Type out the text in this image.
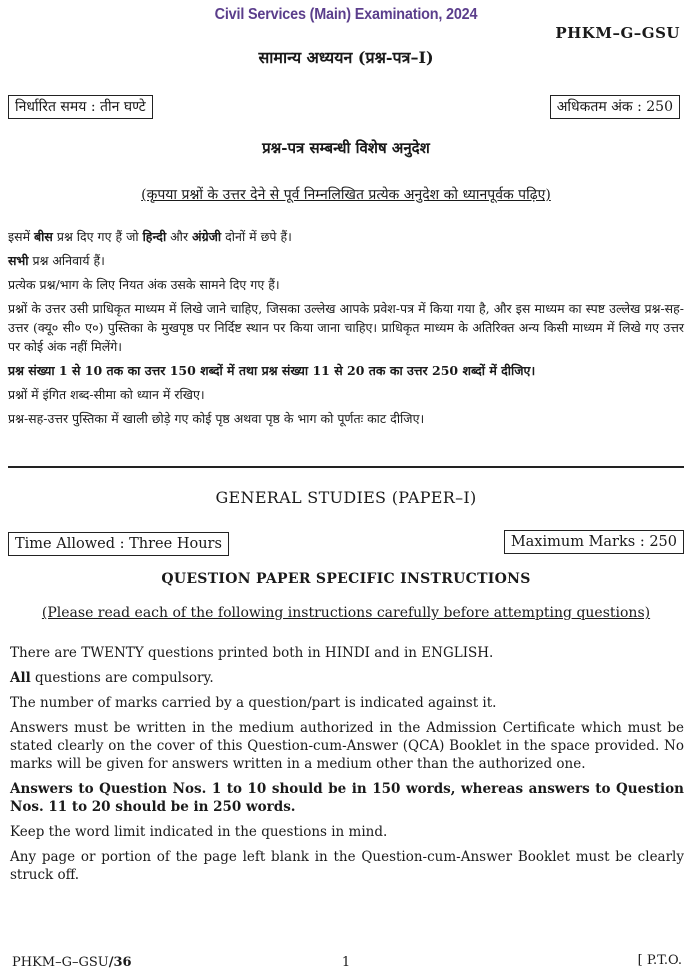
Civil Services (Main) Examination, 2024
PHKM–G–GSU
सामान्य अध्ययन (प्रश्न-पत्र–I)
निर्धारित समय : तीन घण्टे	अधिकतम अंक : 250
प्रश्न-पत्र सम्बन्धी विशेष अनुदेश
(कृपया प्रश्नों के उत्तर देने से पूर्व निम्नलिखित प्रत्येक अनुदेश को ध्यानपूर्वक पढ़िए)

इसमें बीस प्रश्न दिए गए हैं जो हिन्दी और अंग्रेजी दोनों में छपे हैं।

सभी प्रश्न अनिवार्य हैं।

प्रत्येक प्रश्न/भाग के लिए नियत अंक उसके सामने दिए गए हैं।

प्रश्नों के उत्तर उसी प्राधिकृत माध्यम में लिखे जाने चाहिए, जिसका उल्लेख आपके प्रवेश-पत्र में किया गया है, और इस माध्यम का स्पष्ट उल्लेख प्रश्न-सह-उत्तर (क्यू० सी० ए०) पुस्तिका के मुखपृष्ठ पर निर्दिष्ट स्थान पर किया जाना चाहिए। प्राधिकृत माध्यम के अतिरिक्त अन्य किसी माध्यम में लिखे गए उत्तर पर कोई अंक नहीं मिलेंगे।

प्रश्न संख्या 1 से 10 तक का उत्तर 150 शब्दों में तथा प्रश्न संख्या 11 से 20 तक का उत्तर 250 शब्दों में दीजिए।

प्रश्नों में इंगित शब्द-सीमा को ध्यान में रखिए।

प्रश्न-सह-उत्तर पुस्तिका में खाली छोड़े गए कोई पृष्ठ अथवा पृष्ठ के भाग को पूर्णतः काट दीजिए।

GENERAL STUDIES (PAPER–I)
Time Allowed : Three Hours	Maximum Marks : 250
QUESTION PAPER SPECIFIC INSTRUCTIONS
(Please read each of the following instructions carefully before attempting questions)

There are TWENTY questions printed both in HINDI and in ENGLISH.

All questions are compulsory.

The number of marks carried by a question/part is indicated against it.

Answers must be written in the medium authorized in the Admission Certificate which must be stated clearly on the cover of this Question-cum-Answer (QCA) Booklet in the space provided. No marks will be given for answers written in a medium other than the authorized one.

Answers to Question Nos. 1 to 10 should be in 150 words, whereas answers to Question Nos. 11 to 20 should be in 250 words.

Keep the word limit indicated in the questions in mind.

Any page or portion of the page left blank in the Question-cum-Answer Booklet must be clearly struck off.

PHKM–G–GSU/36	1	[ P.T.O.
